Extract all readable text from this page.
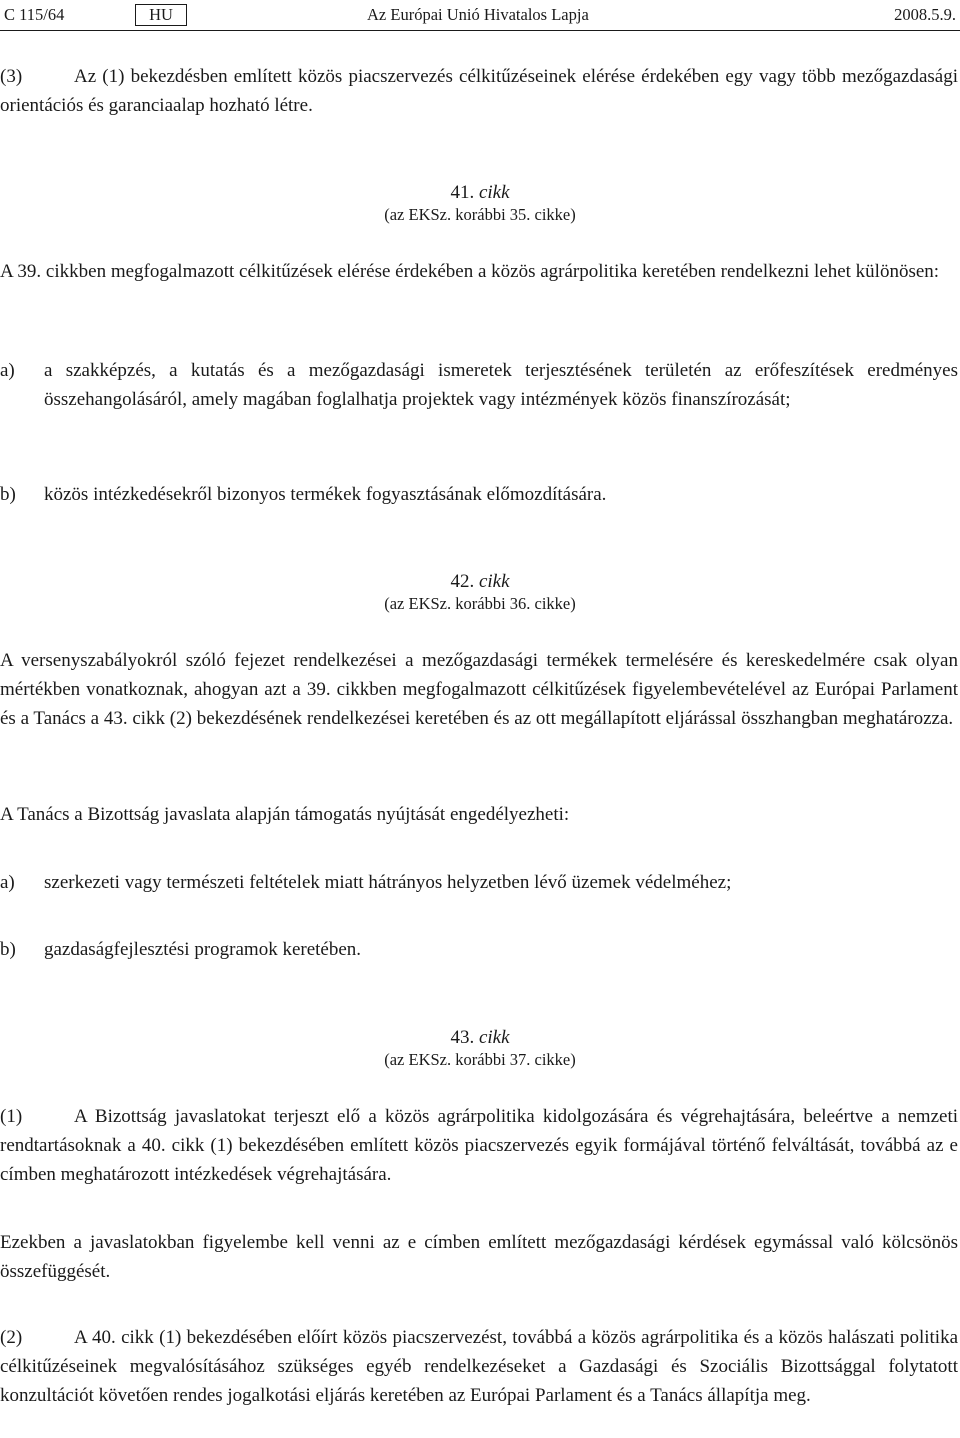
C 115/64	HU	Az Európai Unió Hivatalos Lapja	2008.5.9.

(3)	Az (1) bekezdésben említett közös piacszervezés célkitűzéseinek elérése érdekében egy vagy több mezőgazdasági orientációs és garanciaalap hozható létre.

41. cikk
(az EKSz. korábbi 35. cikke)

A 39. cikkben megfogalmazott célkitűzések elérése érdekében a közös agrárpolitika keretében rendelkezni lehet különösen:

a)	a szakképzés, a kutatás és a mezőgazdasági ismeretek terjesztésének területén az erőfeszítések eredményes összehangolásáról, amely magában foglalhatja projektek vagy intézmények közös finanszírozását;
b)	közös intézkedésekről bizonyos termékek fogyasztásának előmozdítására.
42. cikk
(az EKSz. korábbi 36. cikke)

A versenyszabályokról szóló fejezet rendelkezései a mezőgazdasági termékek termelésére és kereskedelmére csak olyan mértékben vonatkoznak, ahogyan azt a 39. cikkben megfogalmazott célkitűzések figyelembevételével az Európai Parlament és a Tanács a 43. cikk (2) bekezdésének rendelkezései keretében és az ott megállapított eljárással összhangban meghatározza.

A Tanács a Bizottság javaslata alapján támogatás nyújtását engedélyezheti:

a)	szerkezeti vagy természeti feltételek miatt hátrányos helyzetben lévő üzemek védelméhez;
b)	gazdaságfejlesztési programok keretében.
43. cikk
(az EKSz. korábbi 37. cikke)

(1)	A Bizottság javaslatokat terjeszt elő a közös agrárpolitika kidolgozására és végrehajtására, beleértve a nemzeti rendtartásoknak a 40. cikk (1) bekezdésében említett közös piacszervezés egyik formájával történő felváltását, továbbá az e címben meghatározott intézkedések végrehajtására.

Ezekben a javaslatokban figyelembe kell venni az e címben említett mezőgazdasági kérdések egymással való kölcsönös összefüggését.

(2)	A 40. cikk (1) bekezdésében előírt közös piacszervezést, továbbá a közös agrárpolitika és a közös halászati politika célkitűzéseinek megvalósításához szükséges egyéb rendelkezéseket a Gazdasági és Szociális Bizottsággal folytatott konzultációt követően rendes jogalkotási eljárás keretében az Európai Parlament és a Tanács állapítja meg.
